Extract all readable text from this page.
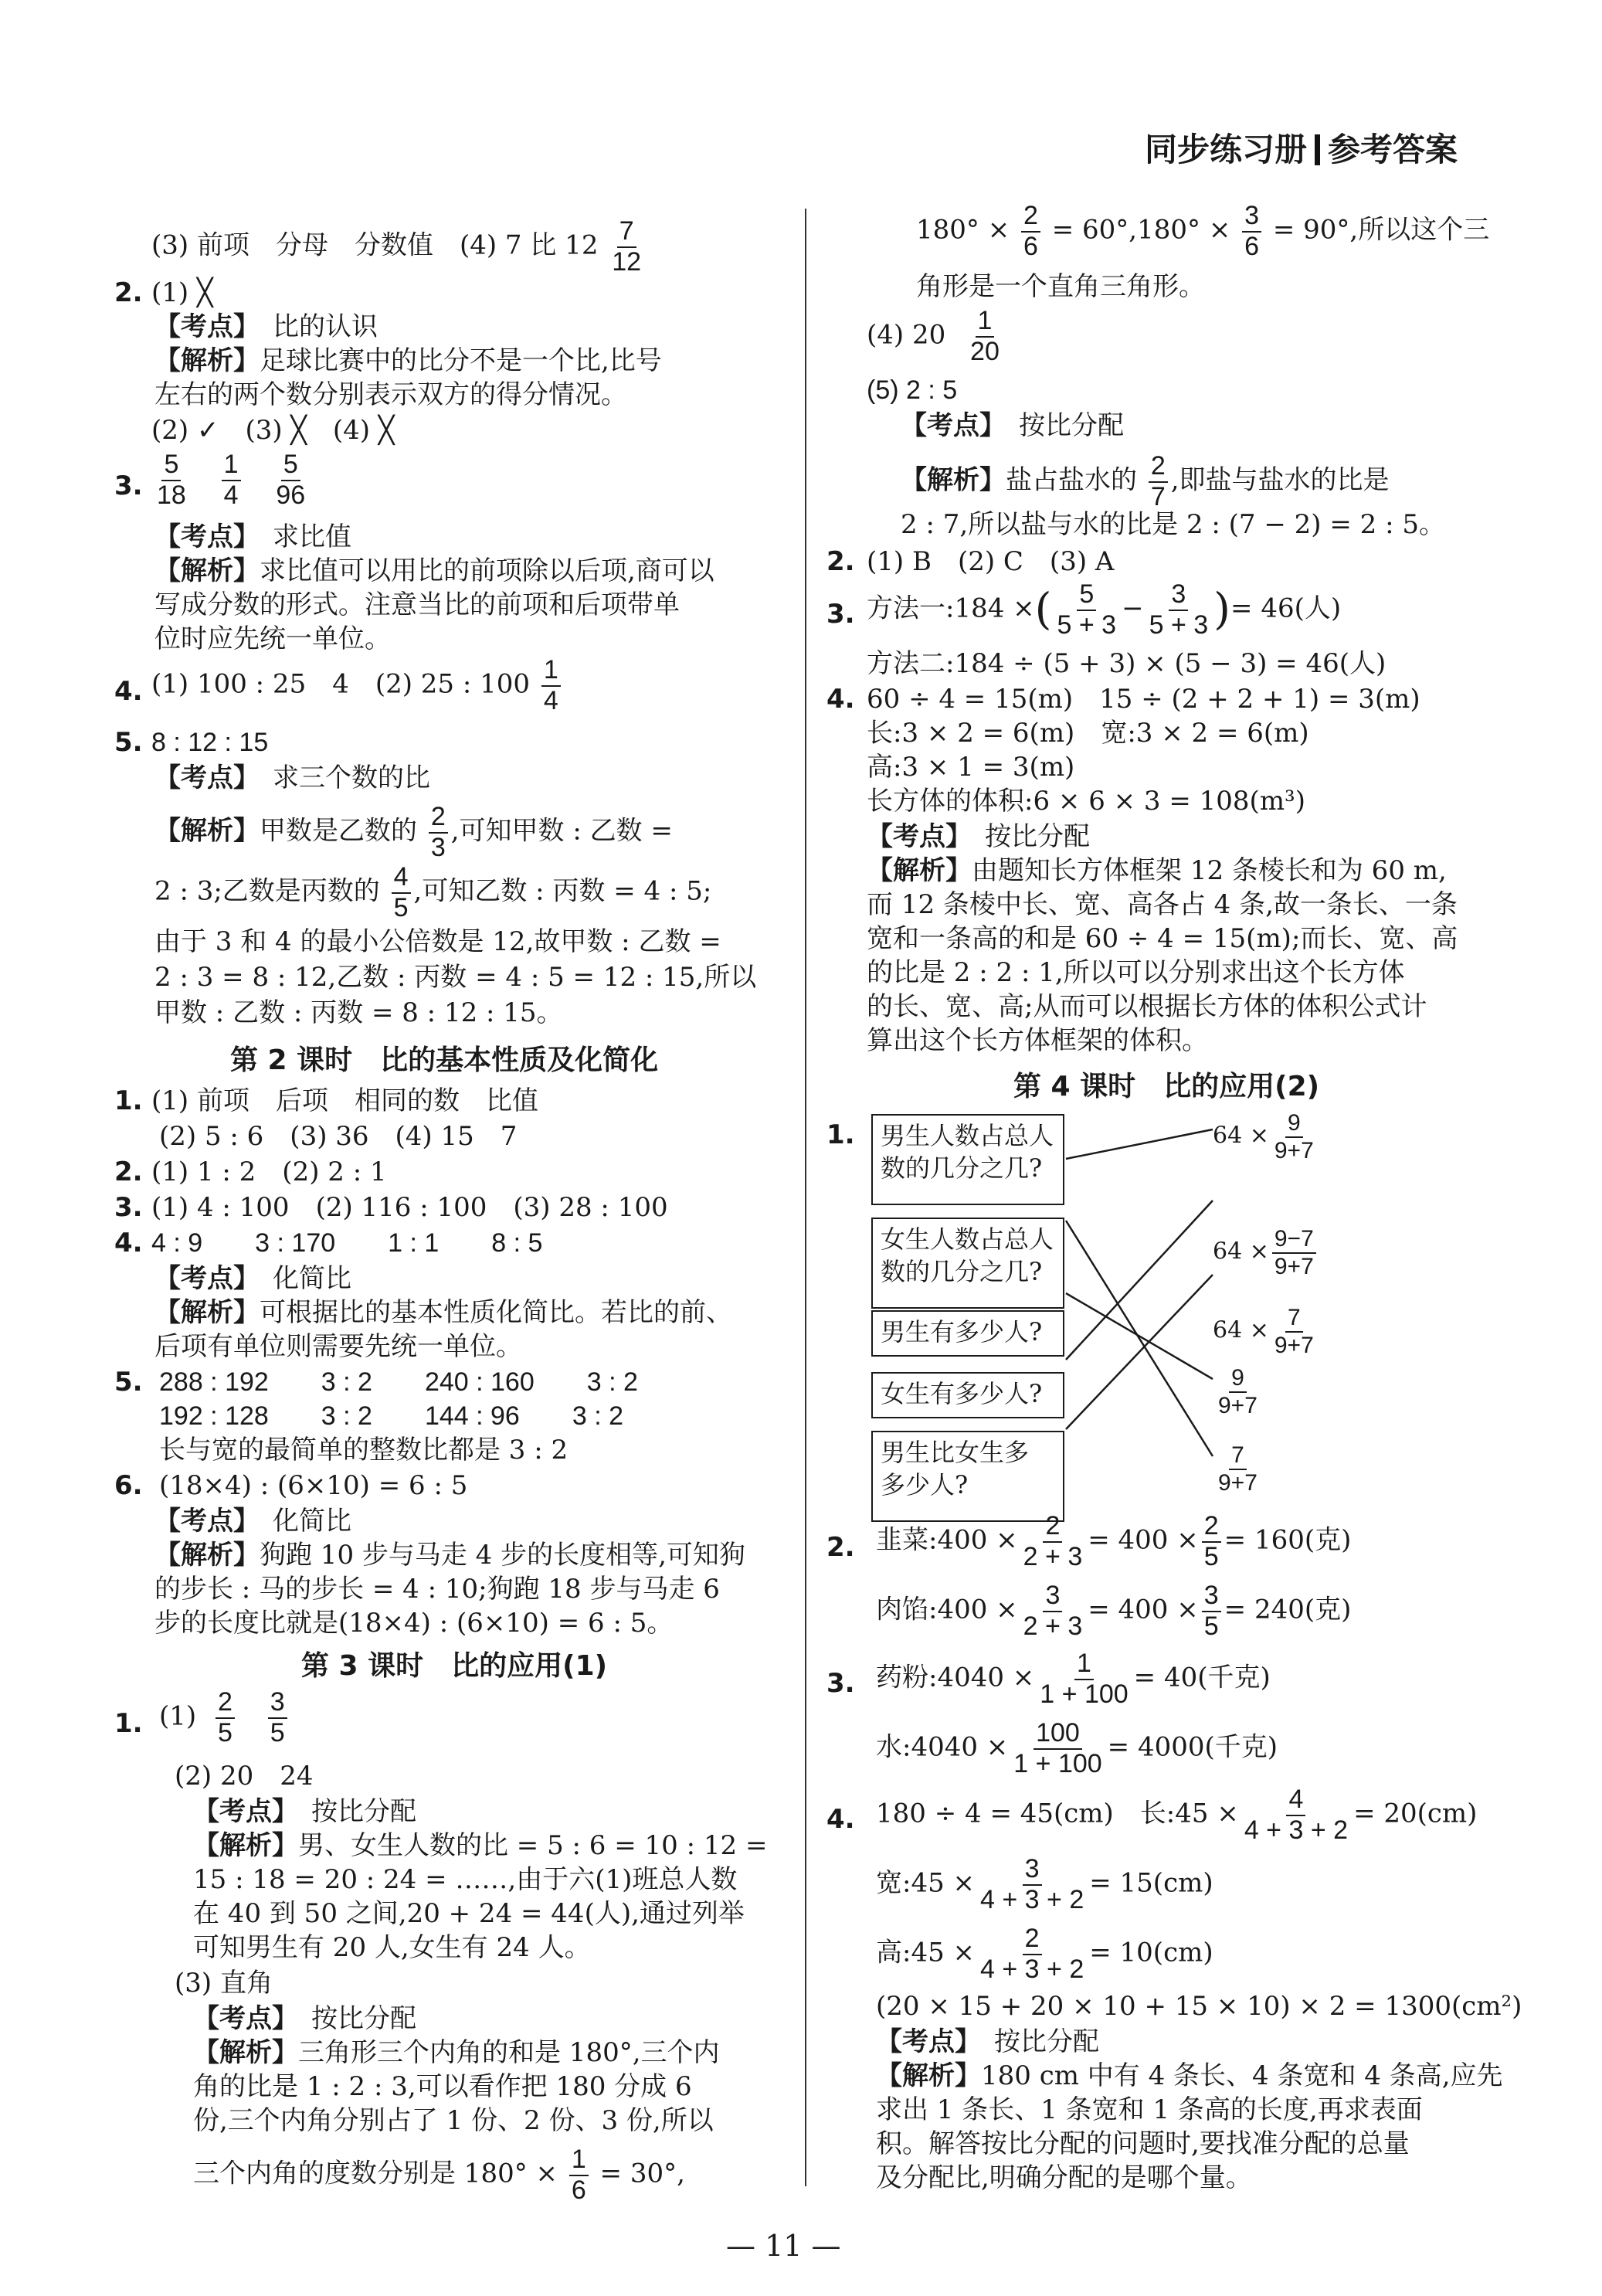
同步练习册 参考答案
(3) 前项　分母　分数值　(4) 7 比 $12 \frac{7}{12}$
2. (1) ╳
【考点】　 比的认识
【解析】足球比赛中的比分不是一个比,比号
左右的两个数分别表示双方的得分情况。
(2) ✓　(3) ╳　(4) ╳
3. $\frac{5}{18}$
$\frac{1}{4}$
$\frac{5}{96}$
【考点】　 求比值
【解析】求比值可以用比的前项除以后项,商可以
写成分数的形式。注意当比的前项和后项带单
位时应先统一单位。
4. (1) 100 : 25　4　(2) 25 : $100 \frac{1}{4}$
5. 8 : 12 : 15
【考点】　 求三个数的比
【解析】甲数是乙数的 $\frac{2}{3}$ ,可知甲数 : 乙数 =
2 : 3;乙数是丙数的 $\frac{4}{5}$ ,可知乙数 : 丙数 = 4 : 5;
由于 3 和 4 的最小公倍数是 12,故甲数 : 乙数 =
2 : 3 = 8 : 12,乙数 : 丙数 = 4 : 5 = 12 : 15,所以
甲数 : 乙数 : 丙数 = 8 : 12 : 15。
第 2 课时　比的基本性质及化简化
1. (1) 前项　后项　相同的数　比值
(2) 5 : 6　(3) 36　(4) 15　7
2. (1) 1 : 2　(2) 2 : 1
3. (1) 4 : 100　(2) 116 : 100　(3) 28 : 100
4. 4 : 9　　3 : 170　　1 : 1　　8 : 5
【考点】　 化简比
【解析】可根据比的基本性质化简比。若比的前、
后项有单位则需要先统一单位。
5. 288 : 192　　3 : 2　　240 : 160　　3 : 2
192 : 128　　3 : 2　　144 : 96　　3 : 2
长与宽的最简单的整数比都是 3 : 2
6. (18×4) : (6×10) = 6 : 5
【考点】　 化简比
【解析】狗跑 10 步与马走 4 步的长度相等,可知狗
的步长 : 马的步长 = 4 : 10;狗跑 18 步与马走 6
步的长度比就是(18×4) : (6×10) = 6 : 5。
第 3 课时　比的应用(1)
1. $(1) \frac{2}{5}$
$\frac{3}{5}$
(2) 20　24
【考点】　 按比分配
【解析】男、女生人数的比 = 5 : 6 = 10 : 12 =
15 : 18 = 20 : 24 = ……,由于六(1)班总人数
在 40 到 50 之间,20 + 24 = 44(人),通过列举
可知男生有 20 人,女生有 24 人。
(3) 直角
【考点】　 按比分配
【解析】三角形三个内角的和是 180°,三个内
角的比是 1 : 2 : 3,可以看作把 180 分成 6
份,三个内角分别占了 1 份、2 份、3 份,所以
三个内角的度数分别是 $180^\circ \times \frac{1}{6} = 30^\circ$,
$180^\circ \times \frac{2}{6} = 60^\circ,180^\circ \times \frac{3}{6} = 90^\circ$,所以这个三
角形是一个直角三角形。
(4) $20 \frac{1}{20}$
(5) 2 : 5
【考点】　 按比分配
【解析】盐占盐水的 $\frac{2}{7}$ ,即盐与盐水的比是
2 : 7,所以盐与水的比是 2 : (7 − 2) = 2 : 5。
2. (1) B　(2) C　(3) A
3. 方法一:184 ×( $\frac{5}{5 + 3} - \frac{3}{5 + 3}$ )= 46(人)
方法二:184 ÷ (5 + 3) × (5 − 3) = 46(人)
4. 60 ÷ 4 = 15(m)　15 ÷ (2 + 2 + 1) = 3(m)
长:3 × 2 = 6(m)　宽:3 × 2 = 6(m)
高:3 × 1 = 3(m)
长方体的体积:6 × 6 × 3 = 108(m³)
【考点】　 按比分配
【解析】由题知长方体框架 12 条棱长和为 60 m,
而 12 条棱中长、宽、高各占 4 条,故一条长、一条
宽和一条高的和是 60 ÷ 4 = 15(m);而长、宽、高
的比是 2 : 2 : 1,所以可以分别求出这个长方体
的长、宽、高;从而可以根据长方体的体积公式计
算出这个长方体框架的体积。
第 4 课时　比的应用(2)
1.	男生人数占总人
数的几分之几?
女生人数占总人
数的几分之几?
男生有多少人?
女生有多少人?
男生比女生多
多少人?
$64 \times \frac{9}{9+7}$
$64 \times \frac{9-7}{9+7}$
$64 \times \frac{7}{9+7}$
$\frac{9}{9+7}$
$\frac{7}{9+7}$
2. 韭菜:400 × $\frac{2}{2 + 3} = 400 \times \frac{2}{5} = 160$(克)
肉馅:400 × $\frac{3}{2 + 3} = 400 \times \frac{3}{5} = 240$(克)
3. 药粉:4040 × $\frac{1}{1 + 100} = 40$(千克)
水:4040 × $\frac{100}{1 + 100} = 4000$(千克)
4. 180 ÷ 4 = 45(cm)　长:45 × $\frac{4}{4 + 3 + 2} = 20(cm)$
宽:45 × $\frac{3}{4 + 3 + 2} = 15(cm)$
高:45 × $\frac{2}{4 + 3 + 2} = 10(cm)$
(20 × 15 + 20 × 10 + 15 × 10) × 2 = 1300(cm²)
【考点】　 按比分配
【解析】180 cm 中有 4 条长、4 条宽和 4 条高,应先
求出 1 条长、1 条宽和 1 条高的长度,再求表面
积。解答按比分配的问题时,要找准分配的总量
及分配比,明确分配的是哪个量。
— 11 —
